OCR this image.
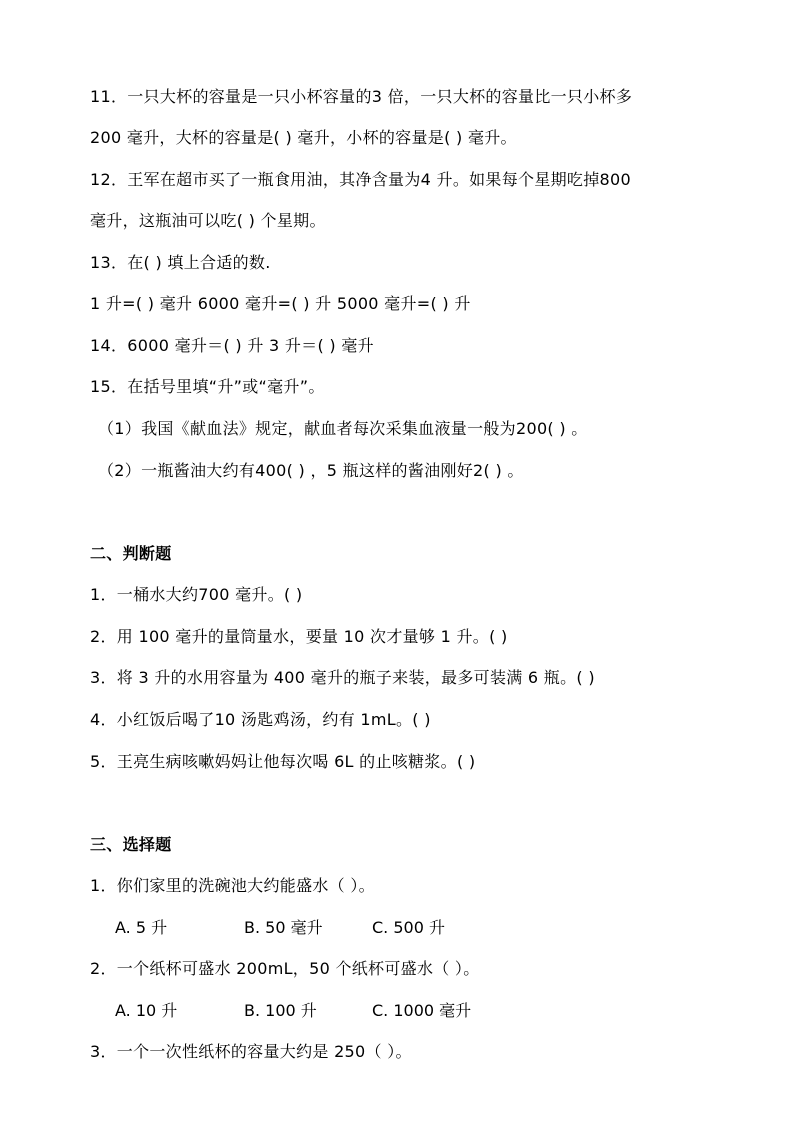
11．一只大杯的容量是一只小杯容量的3 倍，一只大杯的容量比一只小杯多
200 毫升，大杯的容量是( ) 毫升，小杯的容量是( ) 毫升。
12．王军在超市买了一瓶食用油，其净含量为4 升。如果每个星期吃掉800
毫升，这瓶油可以吃( ) 个星期。
13．在( ) 填上合适的数.
1 升=( ) 毫升 6000 毫升=( ) 升 5000 毫升=( ) 升
14．6000 毫升＝( ) 升 3 升＝( ) 毫升
15．在括号里填“升”或“毫升”。
（1）我国《献血法》规定，献血者每次采集血液量一般为200( ) 。
（2）一瓶酱油大约有400( ) ，5 瓶这样的酱油刚好2( ) 。
二、判断题
1．一桶水大约700 毫升。( )
2．用 100 毫升的量筒量水，要量 10 次才量够 1 升。( )
3．将 3 升的水用容量为 400 毫升的瓶子来装，最多可装满 6 瓶。( )
4．小红饭后喝了10 汤匙鸡汤，约有 1mL。( )
5．王亮生病咳嗽妈妈让他每次喝 6L 的止咳糖浆。( )
三、选择题
1．你们家里的洗碗池大约能盛水（ ）。
A. 5 升	B. 50 毫升	C. 500 升
2．一个纸杯可盛水 200mL，50 个纸杯可盛水（ ）。
A. 10 升	B. 100 升	C. 1000 毫升
3．一个一次性纸杯的容量大约是 250（ ）。
